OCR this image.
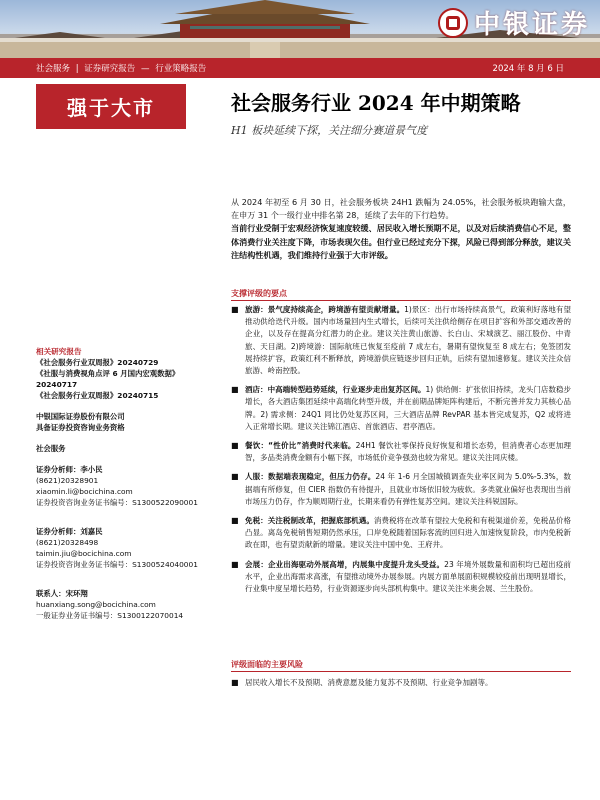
中银证券
社会服务 | 证券研究报告 — 行业策略报告	2024 年 8 月 6 日
强于大市	社会服务行业 2024 年中期策略
H1 板块延续下探，关注细分赛道景气度

从 2024 年初至 6 月 30 日，社会服务板块 24H1 跌幅为 24.05%，社会服务板块跑输大盘，在申万 31 个一级行业中排名第 28，延续了去年的下行趋势。

当前行业受制于宏观经济恢复速度较缓、居民收入增长预期不足，以及对后续消费信心不足，整体消费行业关注度下降，市场表现欠佳。但行业已经过充分下探，风险已得到部分释放，建议关注结构性机遇，我们维持行业强于大市评级。

支撑评级的要点
■ 旅游：景气度持续高企，跨境游有望贡献增量。1)景区：出行市场持续高景气，政策利好落地有望推动供给迭代升级。国内市场量回内生式增长，后续可关注供给侧存在项目扩容和外部交通改善的企业，以及存在提高分红潜力的企业。建议关注黄山旅游、长白山、宋城演艺、丽江股份、中青旅、天目湖。2)跨境游：国际航班已恢复至疫前 7 成左右，暑期有望恢复至 8 成左右；免签团发展持续扩容，政策红利不断释放，跨境游供应链逐步回归正轨，后续有望加速修复。建议关注众信旅游、岭南控股。
■ 酒店：中高端转型趋势延续，行业逐步走出复苏区间。1) 供给侧：扩张依旧持续，龙头门店数稳步增长，各大酒店集团延续中高端化转型升级，并在前期品牌矩阵构建后，不断完善并发力其核心品牌。2) 需求侧：24Q1 同比仍处复苏区间，三大酒店品牌 RevPAR 基本皆完成复苏，Q2 或将进入正常增长期。建议关注锦江酒店、首旅酒店、君亭酒店。
■ 餐饮：“性价比”消费时代来临。24H1 餐饮社零保持良好恢复和增长态势，但消费者心态更加理智，多品类消费金额有小幅下探，市场低价竞争强劲也较为常见。建议关注同庆楼。
■ 人服：数据端表现稳定，但压力仍存。24 年 1-6 月全国城镇调查失业率区间为 5.0%-5.3%，数据端有所修复，但 CIER 指数仍有待提升，且就业市场依旧较为疲软。多类就业偏好也表现出当前市场压力仍存，作为顺周期行业，长期来看仍有弹性复苏空间。建议关注科锐国际。
■ 免税：关注税制改革，把握底部机遇。消费税将在改革有望拉大免税和有税渠道价差，免税品价格凸显。离岛免税销售短期仍然承压，口岸免税随着国际客流的回归进入加速恢复阶段，市内免税新政在即，也有望贡献新的增量。建议关注中国中免、王府井。
■ 会展：企业出海驱动外展高增，内展集中度提升龙头受益。23 年境外展数量和面积均已超出疫前水平，企业出海需求高涨，有望推动境外办展参展。内展方面单展面积规模较疫前出现明显增长，行业集中度呈增长趋势，行业资源逐步向头部机构集中。建议关注米奥会展、兰生股份。
评级面临的主要风险
■ 居民收入增长不及预期、消费意愿及能力复苏不及预期、行业竞争加剧等。

相关研究报告

《社会服务行业双周报》20240729

《社服与消费视角点评 6 月国内宏观数据》

20240717

《社会服务行业双周报》20240715

中银国际证券股份有限公司

具备证券投资咨询业务资格

社会服务

证券分析师：李小民

(8621)20328901

xiaomin.li@bocichina.com

证券投资咨询业务证书编号：S1300522090001

证券分析师：刘嘉民

(8621)20328498

taimin.jiu@bocichina.com

证券投资咨询业务证书编号：S1300524040001

联系人：宋环翔

huanxiang.song@bocichina.com

一般证券业务证书编号：S1300122070014
